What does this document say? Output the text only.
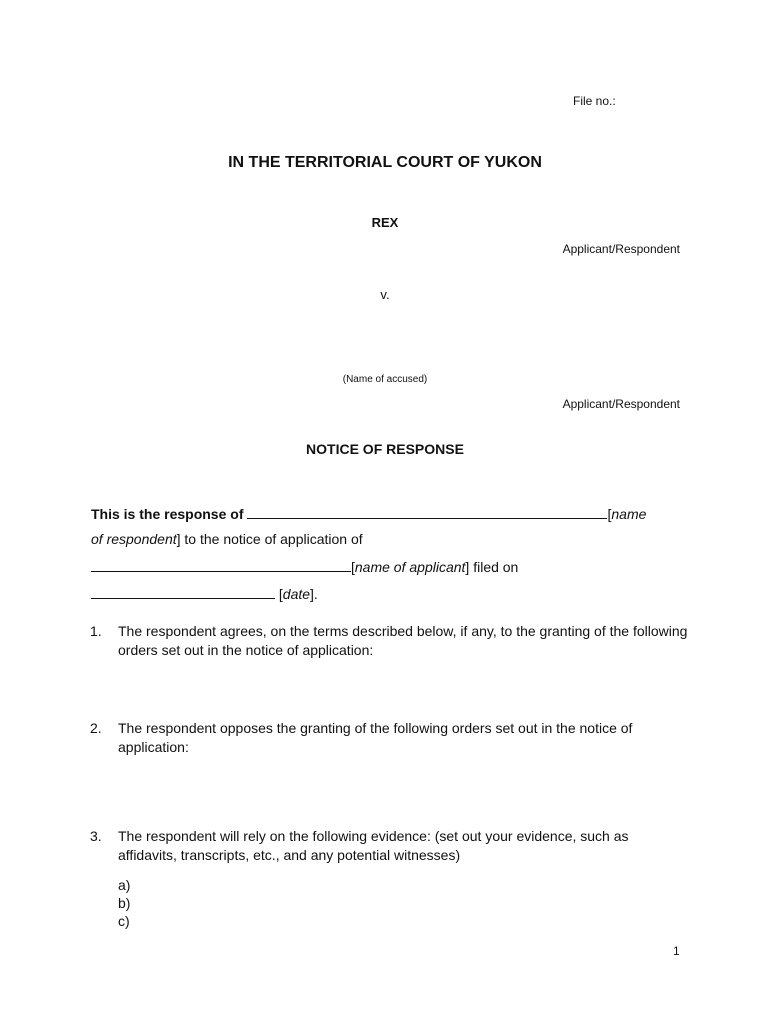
File no.:
IN THE TERRITORIAL COURT OF YUKON
REX
Applicant/Respondent
v.
(Name of accused)
Applicant/Respondent
NOTICE OF RESPONSE
This is the response of	[name
of respondent] to the notice of application of
[name of applicant] filed on
[date].
1. The respondent agrees, on the terms described below, if any, to the granting of the following orders set out in the notice of application:
2. The respondent opposes the granting of the following orders set out in the notice of application:
3. The respondent will rely on the following evidence: (set out your evidence, such as affidavits, transcripts, etc., and any potential witnesses)
a)
b)
c)
1
